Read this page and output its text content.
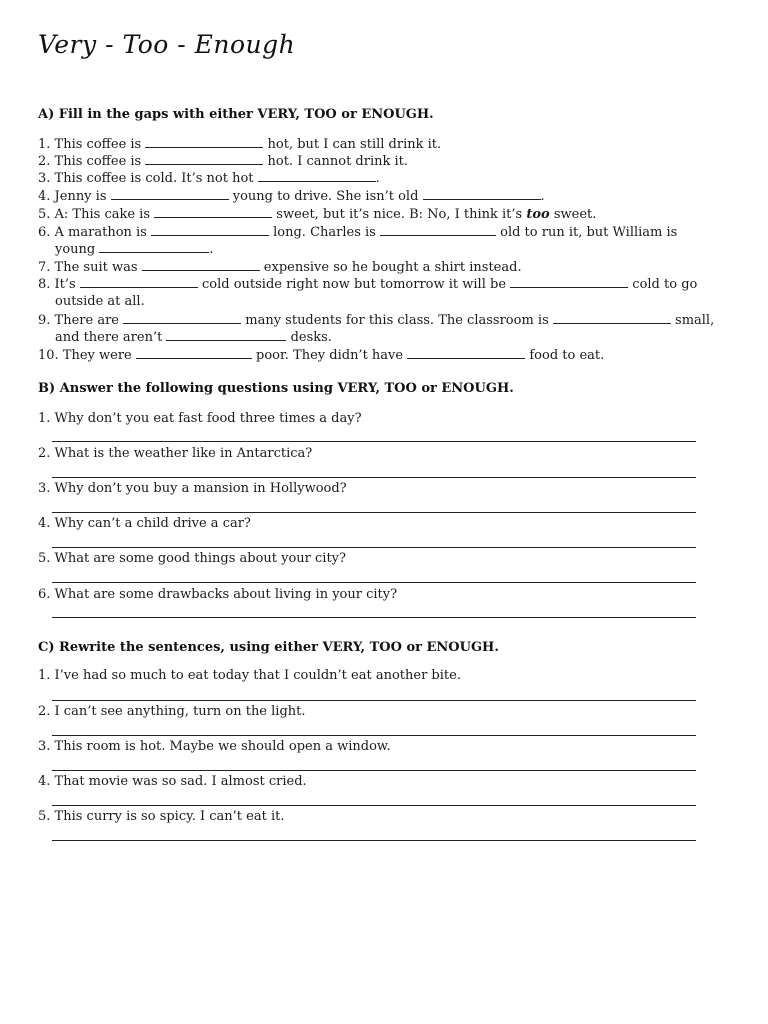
Very - Too - Enough
A) Fill in the gaps with either VERY, TOO or ENOUGH.
1. This coffee is	hot, but I can still drink it.
2. This coffee is	hot. I cannot drink it.
3. This coffee is cold. It’s not hot	.
4. Jenny is	young to drive. She isn’t old	.
5. A: This cake is	sweet, but it’s nice. B: No, I think it’s too sweet.
6. A marathon is	long. Charles is	old to run it, but William is
young	.
7. The suit was	expensive so he bought a shirt instead.
8. It’s	cold outside right now but tomorrow it will be	cold to go
outside at all.
9. There are	many students for this class. The classroom is	small,
and there aren’t	desks.
10. They were	poor. They didn’t have	food to eat.
B) Answer the following questions using VERY, TOO or ENOUGH.
1. Why don’t you eat fast food three times a day?
2. What is the weather like in Antarctica?
3. Why don’t you buy a mansion in Hollywood?
4. Why can’t a child drive a car?
5. What are some good things about your city?
6. What are some drawbacks about living in your city?
C) Rewrite the sentences, using either VERY, TOO or ENOUGH.
1. I’ve had so much to eat today that I couldn’t eat another bite.
2. I can’t see anything, turn on the light.
3. This room is hot. Maybe we should open a window.
4. That movie was so sad. I almost cried.
5. This curry is so spicy. I can’t eat it.
